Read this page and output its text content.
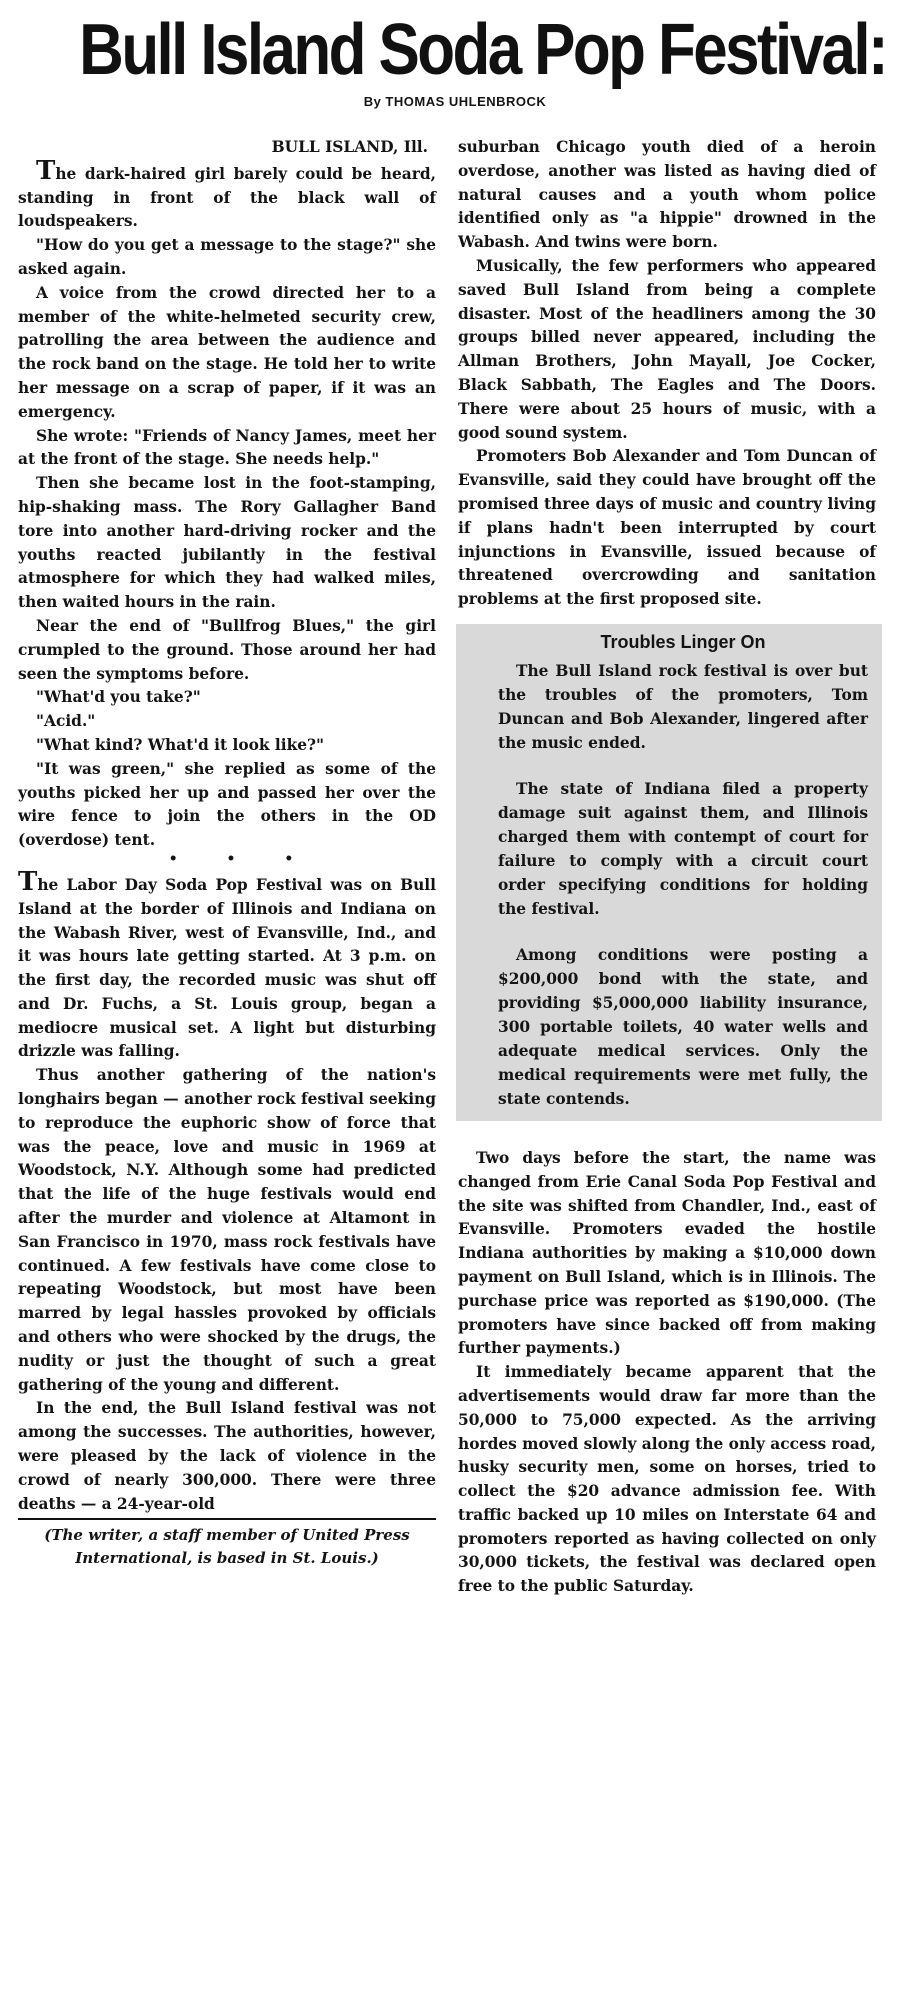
Bull Island Soda Pop Festival:
By THOMAS UHLENBROCK

BULL ISLAND, Ill.

The dark-haired girl barely could be heard, standing in front of the black wall of loudspeakers.

"How do you get a message to the stage?" she asked again.

A voice from the crowd directed her to a member of the white-helmeted security crew, patrolling the area between the audience and the rock band on the stage. He told her to write her message on a scrap of paper, if it was an emergency.

She wrote: "Friends of Nancy James, meet her at the front of the stage. She needs help."

Then she became lost in the foot-stamping, hip-shaking mass. The Rory Gallagher Band tore into another hard-driving rocker and the youths reacted jubilantly in the festival atmosphere for which they had walked miles, then waited hours in the rain.

Near the end of "Bullfrog Blues," the girl crumpled to the ground. Those around her had seen the symptoms before.

"What'd you take?"

"Acid."

"What kind? What'd it look like?"

"It was green," she replied as some of the youths picked her up and passed her over the wire fence to join the others in the OD (overdose) tent.

• • •

The Labor Day Soda Pop Festival was on Bull Island at the border of Illinois and Indiana on the Wabash River, west of Evansville, Ind., and it was hours late getting started. At 3 p.m. on the first day, the recorded music was shut off and Dr. Fuchs, a St. Louis group, began a mediocre musical set. A light but disturbing drizzle was falling.

Thus another gathering of the nation's longhairs began — another rock festival seeking to reproduce the euphoric show of force that was the peace, love and music in 1969 at Woodstock, N.Y. Although some had predicted that the life of the huge festivals would end after the murder and violence at Altamont in San Francisco in 1970, mass rock festivals have continued. A few festivals have come close to repeating Woodstock, but most have been marred by legal hassles provoked by officials and others who were shocked by the drugs, the nudity or just the thought of such a great gathering of the young and different.

In the end, the Bull Island festival was not among the successes. The authorities, however, were pleased by the lack of violence in the crowd of nearly 300,000. There were three deaths — a 24-year-old

(The writer, a staff member of United Press International, is based in St. Louis.)

suburban Chicago youth died of a heroin overdose, another was listed as having died of natural causes and a youth whom police identified only as "a hippie" drowned in the Wabash. And twins were born.

Musically, the few performers who appeared saved Bull Island from being a complete disaster. Most of the headliners among the 30 groups billed never appeared, including the Allman Brothers, John Mayall, Joe Cocker, Black Sabbath, The Eagles and The Doors. There were about 25 hours of music, with a good sound system.

Promoters Bob Alexander and Tom Duncan of Evansville, said they could have brought off the promised three days of music and country living if plans hadn't been interrupted by court injunctions in Evansville, issued because of threatened overcrowding and sanitation problems at the first proposed site.

Troubles Linger On

The Bull Island rock festival is over but the troubles of the promoters, Tom Duncan and Bob Alexander, lingered after the music ended.

The state of Indiana filed a property damage suit against them, and Illinois charged them with contempt of court for failure to comply with a circuit court order specifying conditions for holding the festival.

Among conditions were posting a $200,000 bond with the state, and providing $5,000,000 liability insurance, 300 portable toilets, 40 water wells and adequate medical services. Only the medical requirements were met fully, the state contends.

Two days before the start, the name was changed from Erie Canal Soda Pop Festival and the site was shifted from Chandler, Ind., east of Evansville. Promoters evaded the hostile Indiana authorities by making a $10,000 down payment on Bull Island, which is in Illinois. The purchase price was reported as $190,000. (The promoters have since backed off from making further payments.)

It immediately became apparent that the advertisements would draw far more than the 50,000 to 75,000 expected. As the arriving hordes moved slowly along the only access road, husky security men, some on horses, tried to collect the $20 advance admission fee. With traffic backed up 10 miles on Interstate 64 and promoters reported as having collected on only 30,000 tickets, the festival was declared open free to the public Saturday.
